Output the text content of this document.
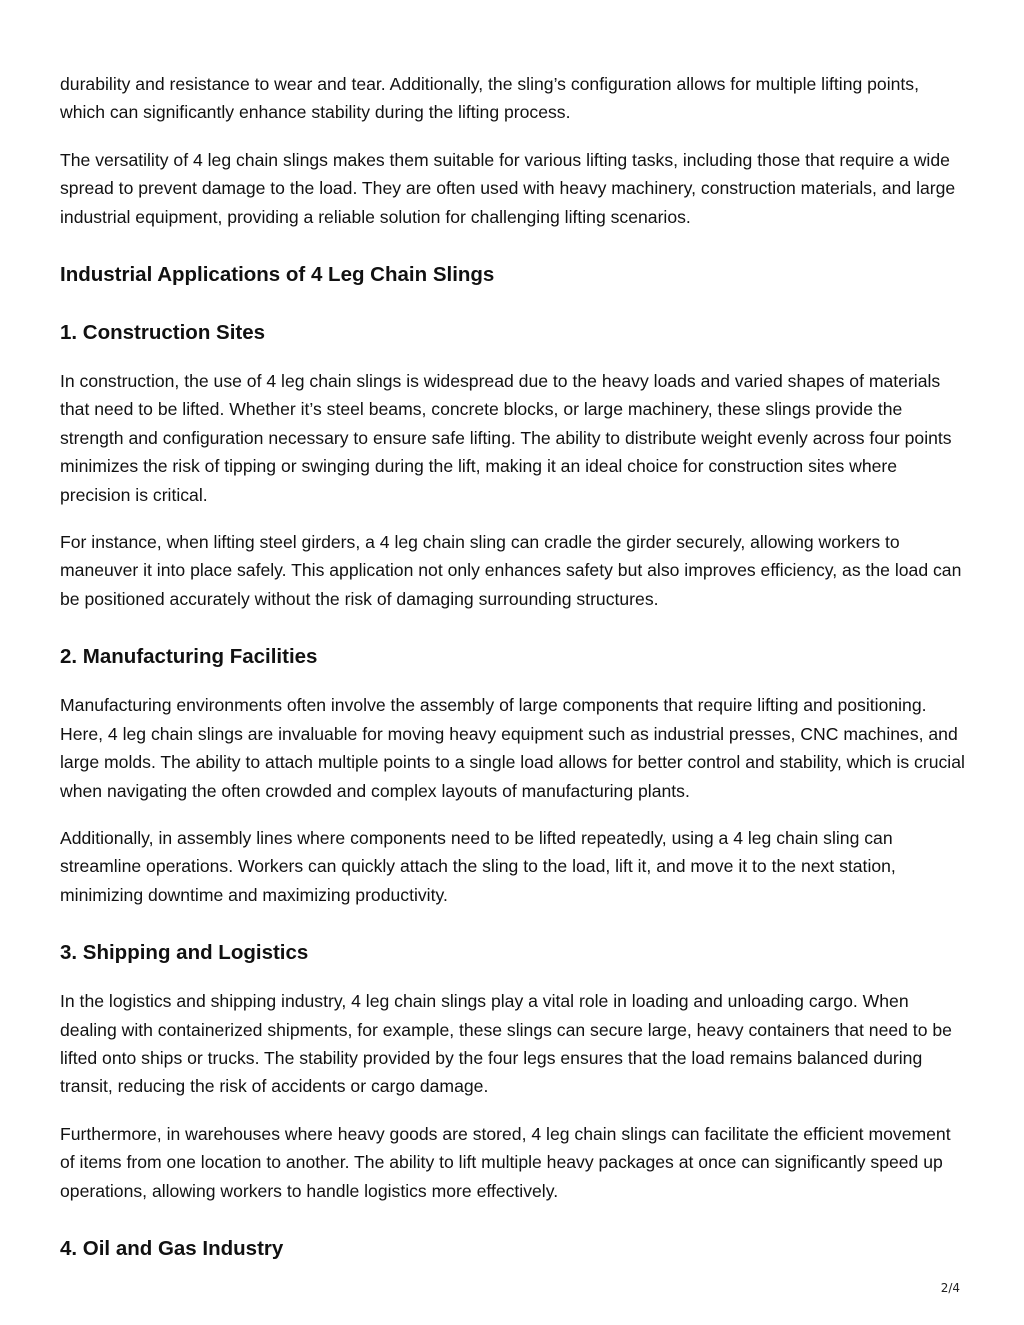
durability and resistance to wear and tear. Additionally, the sling’s configuration allows for multiple lifting points, which can significantly enhance stability during the lifting process.

The versatility of 4 leg chain slings makes them suitable for various lifting tasks, including those that require a wide spread to prevent damage to the load. They are often used with heavy machinery, construction materials, and large industrial equipment, providing a reliable solution for challenging lifting scenarios.

Industrial Applications of 4 Leg Chain Slings
1. Construction Sites

In construction, the use of 4 leg chain slings is widespread due to the heavy loads and varied shapes of materials that need to be lifted. Whether it’s steel beams, concrete blocks, or large machinery, these slings provide the strength and configuration necessary to ensure safe lifting. The ability to distribute weight evenly across four points minimizes the risk of tipping or swinging during the lift, making it an ideal choice for construction sites where precision is critical.

For instance, when lifting steel girders, a 4 leg chain sling can cradle the girder securely, allowing workers to maneuver it into place safely. This application not only enhances safety but also improves efficiency, as the load can be positioned accurately without the risk of damaging surrounding structures.

2. Manufacturing Facilities

Manufacturing environments often involve the assembly of large components that require lifting and positioning. Here, 4 leg chain slings are invaluable for moving heavy equipment such as industrial presses, CNC machines, and large molds. The ability to attach multiple points to a single load allows for better control and stability, which is crucial when navigating the often crowded and complex layouts of manufacturing plants.

Additionally, in assembly lines where components need to be lifted repeatedly, using a 4 leg chain sling can streamline operations. Workers can quickly attach the sling to the load, lift it, and move it to the next station, minimizing downtime and maximizing productivity.

3. Shipping and Logistics

In the logistics and shipping industry, 4 leg chain slings play a vital role in loading and unloading cargo. When dealing with containerized shipments, for example, these slings can secure large, heavy containers that need to be lifted onto ships or trucks. The stability provided by the four legs ensures that the load remains balanced during transit, reducing the risk of accidents or cargo damage.

Furthermore, in warehouses where heavy goods are stored, 4 leg chain slings can facilitate the efficient movement of items from one location to another. The ability to lift multiple heavy packages at once can significantly speed up operations, allowing workers to handle logistics more effectively.

4. Oil and Gas Industry
2/4
